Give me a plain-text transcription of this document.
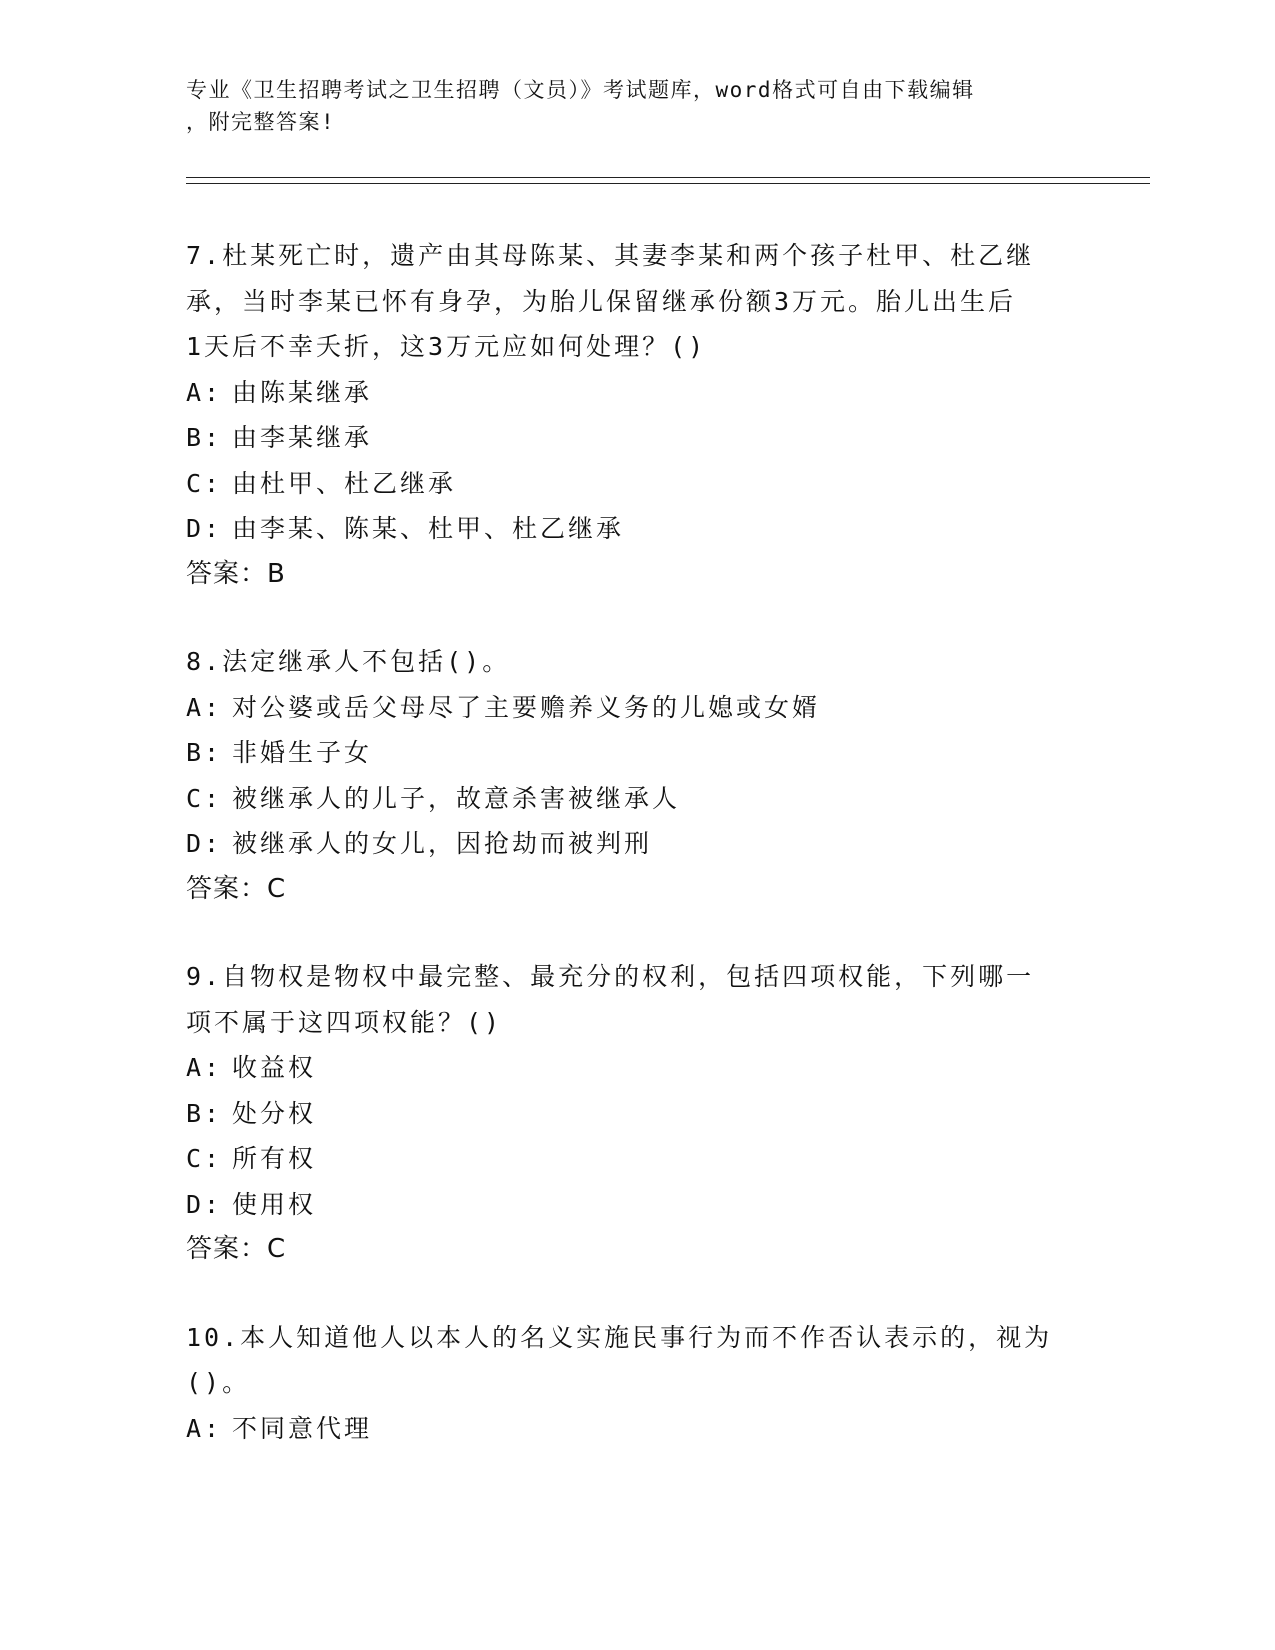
专业《卫生招聘考试之卫生招聘（文员）》考试题库，word格式可自由下载编辑
，附完整答案!
7.杜某死亡时，遗产由其母陈某、其妻李某和两个孩子杜甲、杜乙继
承，当时李某已怀有身孕，为胎儿保留继承份额3万元。胎儿出生后
1天后不幸夭折，这3万元应如何处理？()
A: 由陈某继承
B: 由李某继承
C: 由杜甲、杜乙继承
D: 由李某、陈某、杜甲、杜乙继承
答案：B
8.法定继承人不包括()。
A: 对公婆或岳父母尽了主要赡养义务的儿媳或女婿
B: 非婚生子女
C: 被继承人的儿子，故意杀害被继承人
D: 被继承人的女儿，因抢劫而被判刑
答案：C
9.自物权是物权中最完整、最充分的权利，包括四项权能，下列哪一
项不属于这四项权能？()
A: 收益权
B: 处分权
C: 所有权
D: 使用权
答案：C
10.本人知道他人以本人的名义实施民事行为而不作否认表示的，视为
()。
A: 不同意代理
